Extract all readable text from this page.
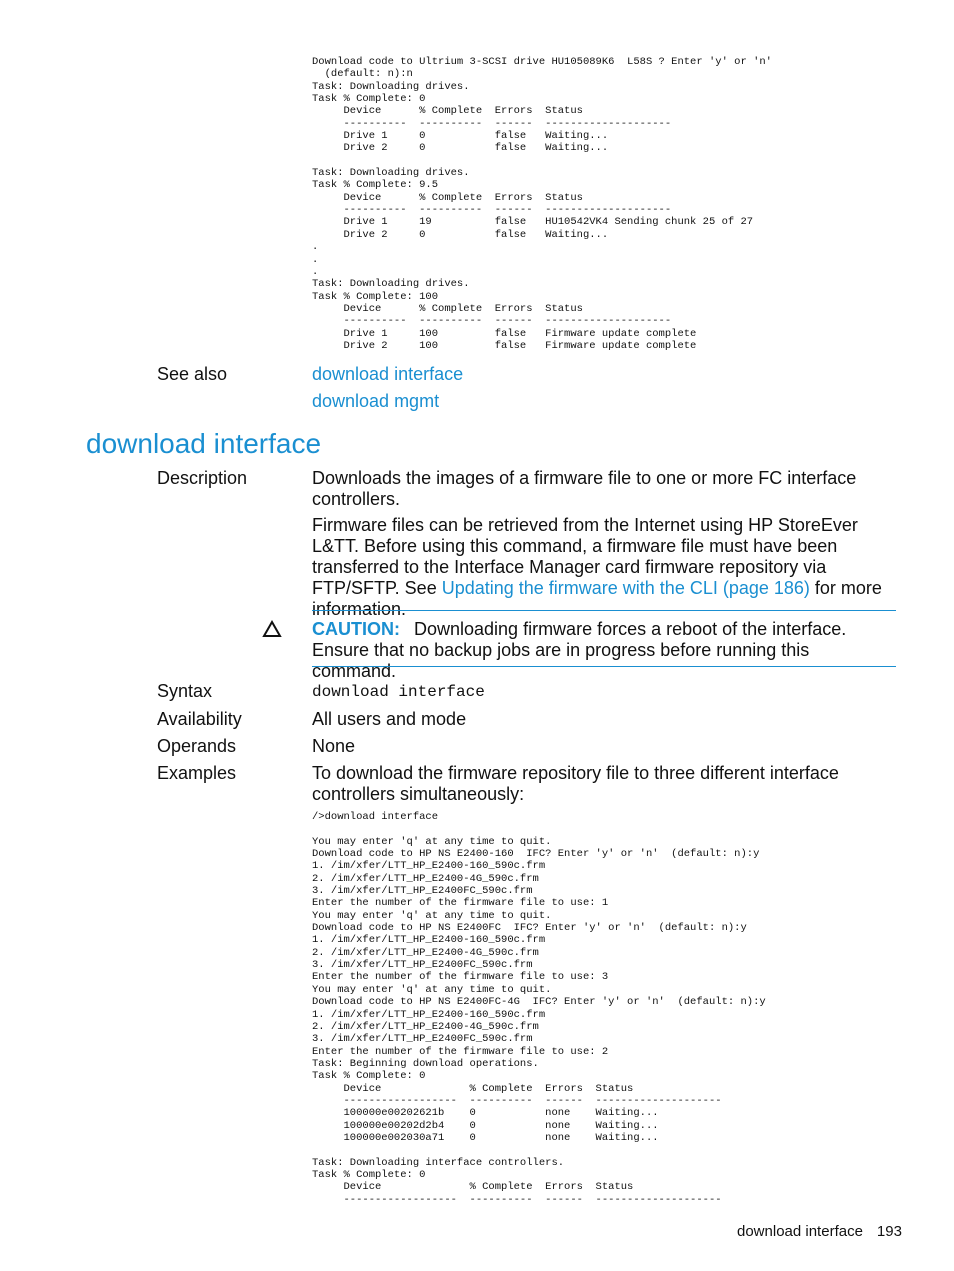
Download code to Ultrium 3-SCSI drive HU105089K6  L58S ? Enter 'y' or 'n'
(default: n):n
Task: Downloading drives.
Task % Complete: 0
Device      % Complete  Errors  Status
----------  ----------  ------  --------------------
Drive 1     0           false   Waiting...
Drive 2     0           false   Waiting...

Task: Downloading drives.
Task % Complete: 9.5
Device      % Complete  Errors  Status
----------  ----------  ------  --------------------
Drive 1     19          false   HU10542VK4 Sending chunk 25 of 27
Drive 2     0           false   Waiting...
.
.
.
Task: Downloading drives.
Task % Complete: 100
Device      % Complete  Errors  Status
----------  ----------  ------  --------------------
Drive 1     100         false   Firmware update complete
Drive 2     100         false   Firmware update complete
See also	download interface
download mgmt
download interface
Description	Downloads the images of a firmware file to one or more FC interface controllers.

Firmware files can be retrieved from the Internet using HP StoreEver L&TT. Before using this command, a firmware file must have been transferred to the Interface Manager card firmware repository via FTP/SFTP. See Updating the firmware with the CLI (page 186) for more information.

CAUTION: Downloading firmware forces a reboot of the interface. Ensure that no backup jobs are in progress before running this command.

Syntax	download interface
Availability	All users and mode
Operands	None
Examples	To download the firmware repository file to three different interface controllers simultaneously:

/>download interface

You may enter 'q' at any time to quit.
Download code to HP NS E2400-160  IFC? Enter 'y' or 'n'  (default: n):y
1. /im/xfer/LTT_HP_E2400-160_590c.frm
2. /im/xfer/LTT_HP_E2400-4G_590c.frm
3. /im/xfer/LTT_HP_E2400FC_590c.frm
Enter the number of the firmware file to use: 1
You may enter 'q' at any time to quit.
Download code to HP NS E2400FC  IFC? Enter 'y' or 'n'  (default: n):y
1. /im/xfer/LTT_HP_E2400-160_590c.frm
2. /im/xfer/LTT_HP_E2400-4G_590c.frm
3. /im/xfer/LTT_HP_E2400FC_590c.frm
Enter the number of the firmware file to use: 3
You may enter 'q' at any time to quit.
Download code to HP NS E2400FC-4G  IFC? Enter 'y' or 'n'  (default: n):y
1. /im/xfer/LTT_HP_E2400-160_590c.frm
2. /im/xfer/LTT_HP_E2400-4G_590c.frm
3. /im/xfer/LTT_HP_E2400FC_590c.frm
Enter the number of the firmware file to use: 2
Task: Beginning download operations.
Task % Complete: 0
Device              % Complete  Errors  Status
------------------  ----------  ------  --------------------
100000e00202621b    0           none    Waiting...
100000e00202d2b4    0           none    Waiting...
100000e002030a71    0           none    Waiting...

Task: Downloading interface controllers.
Task % Complete: 0
Device              % Complete  Errors  Status
------------------  ----------  ------  --------------------
download interface 193
